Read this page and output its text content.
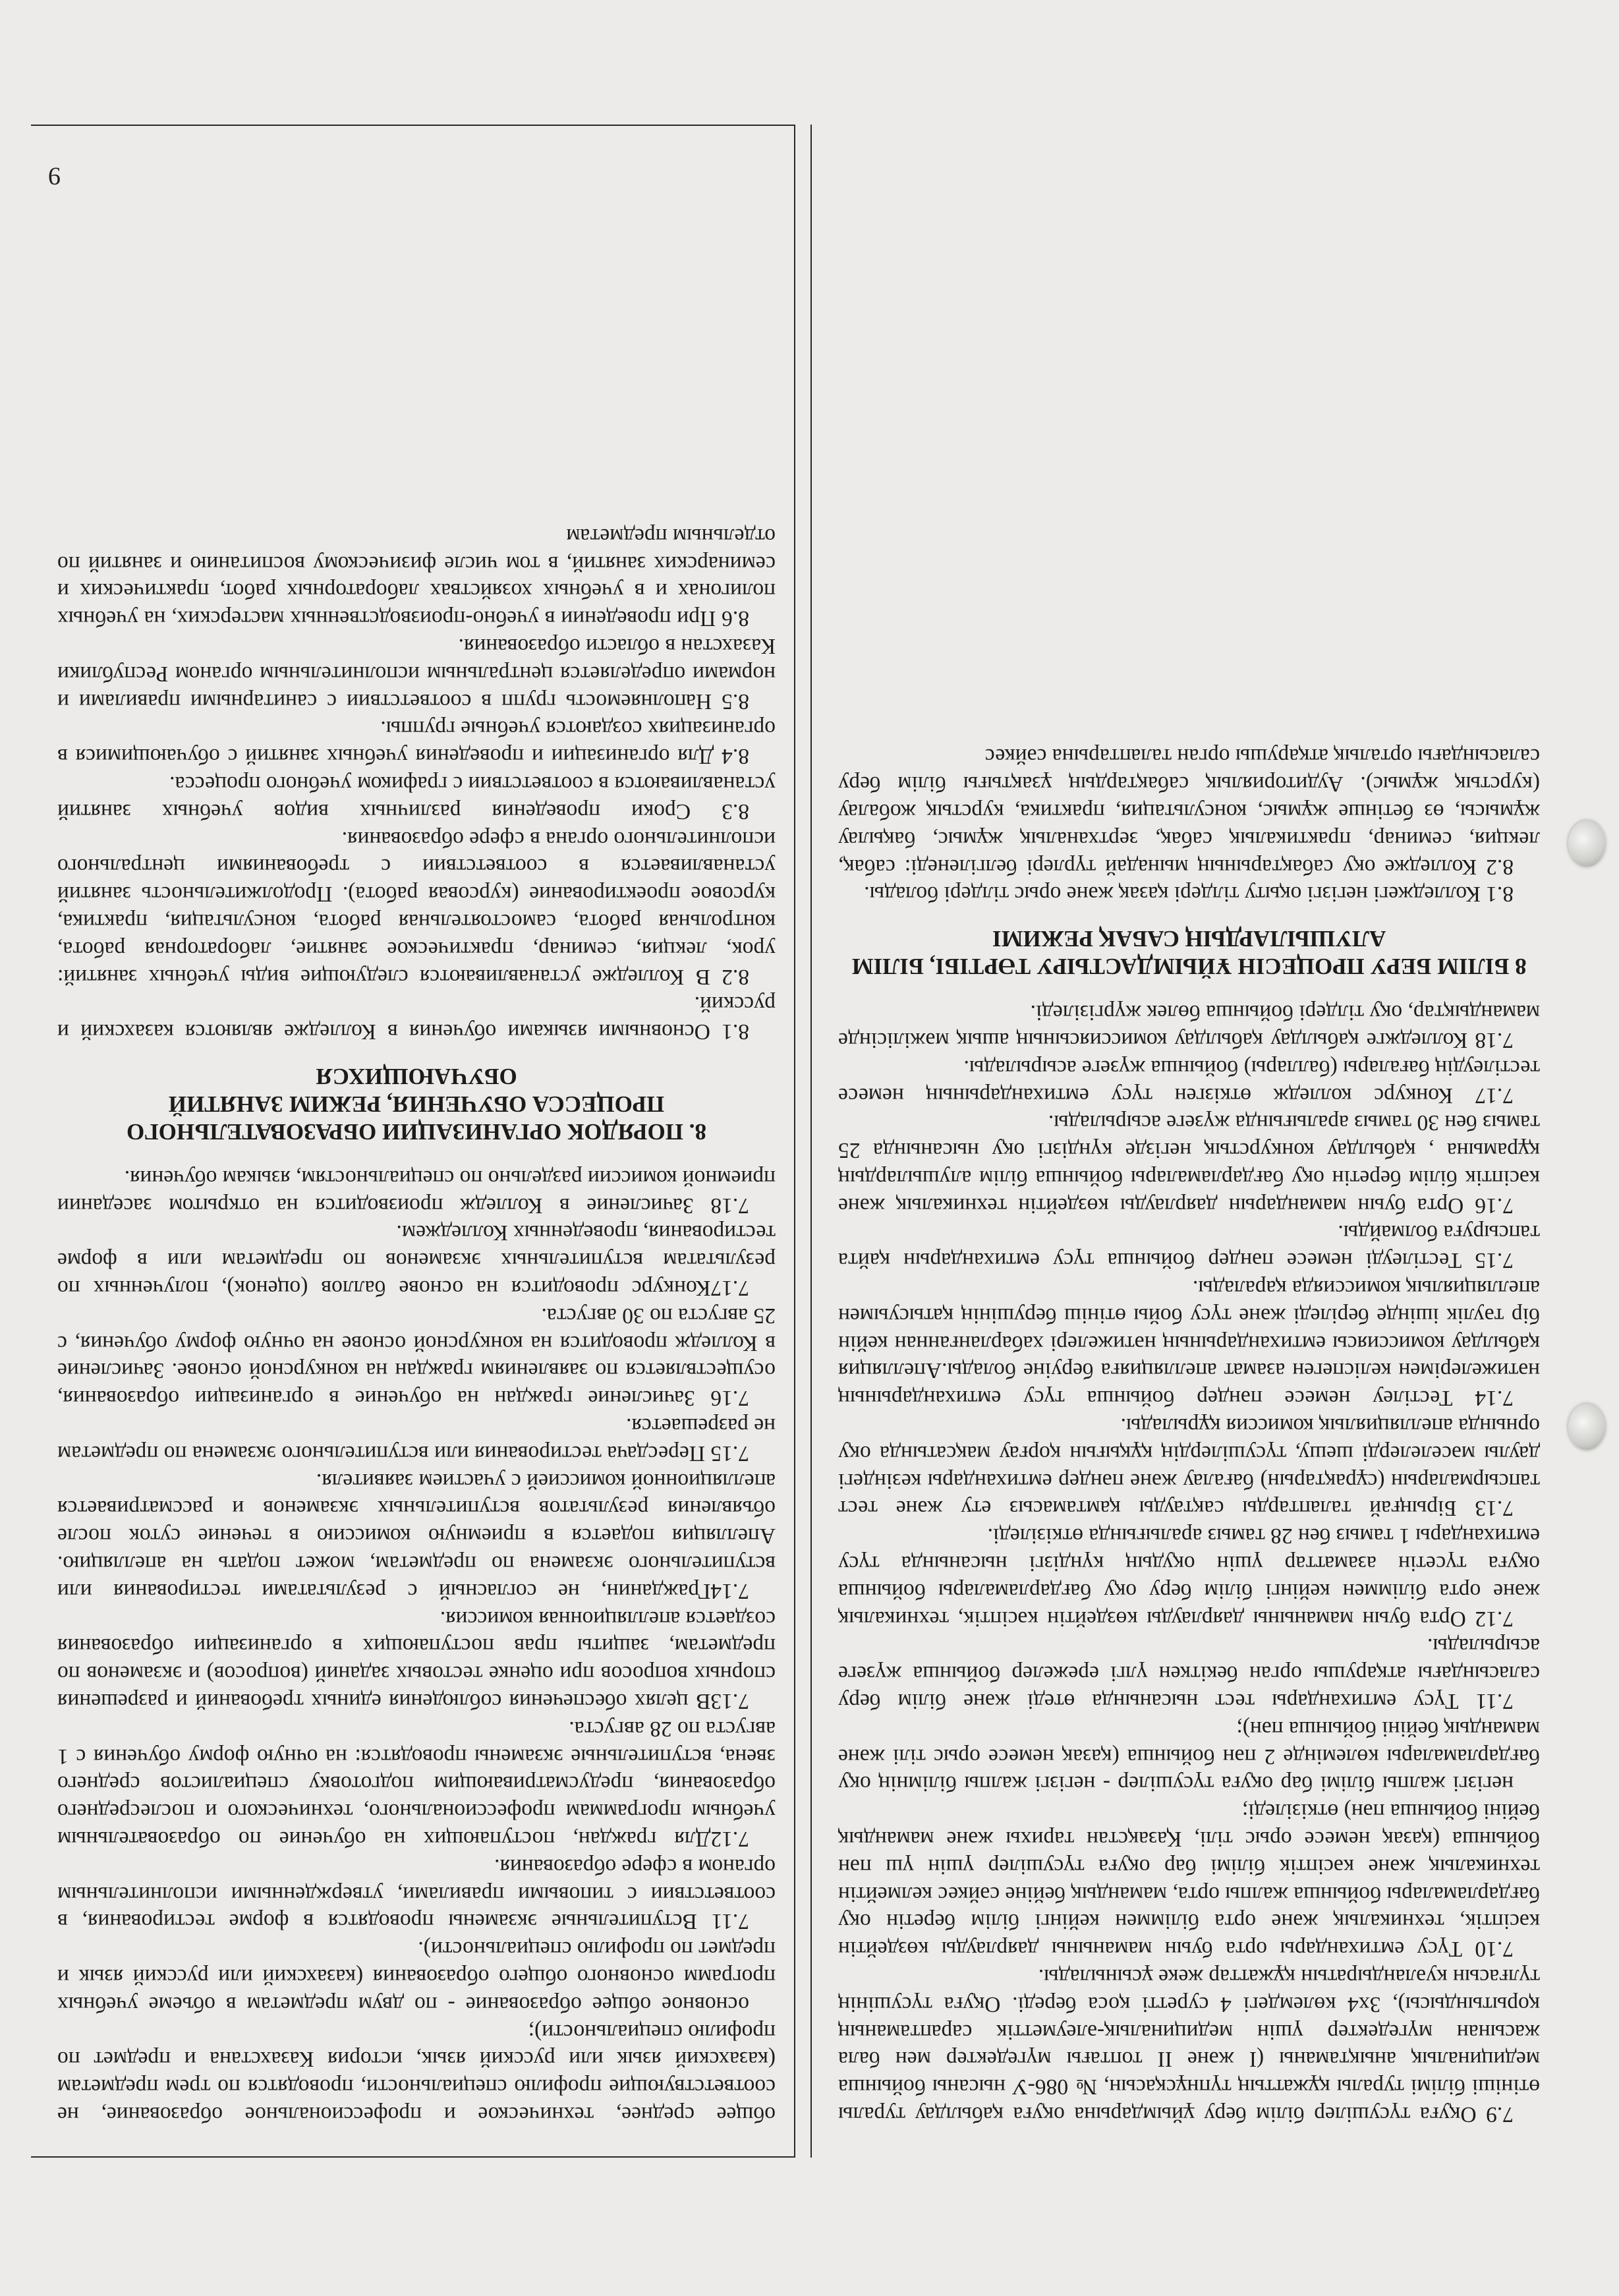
7.9 Оқуға түсушілер білім беру ұйымдарына оқуға қабылдау туралы өтініші білімі туралы құжаттың түпнұсқасын, № 086-У нысаны бойынша медициналық анықтаманы (I және II топтағы мүгедектер мен бала жасынан мүгедектер үшін медициналық-әлеуметтік сараптаманың қорытындысы), 3х4 көлемдегі 4 суретті қоса береді. Оқуға түсушінің түлғасын куәландыратын құжаттар жеке ұсынылады.

7.10 Түсу емтихандары орта буын маманыны даярлауды көздейтін кәсіптік, техникалық және орта біліммен кейінгі білім беретін оқу бағдарламалары бойынша жалпы орта, мамандық бейіне сәйкес келмейтін техникалық және кәсіптік білімі бар оқуға түсушілер үшін үш пән бойынша (қазақ немесе орыс тілі, Қазақстан тарихы және мамандық бейіні бойынша пән) өткізіледі;

негізгі жалпы білімі бар оқуға түсушілер - негізгі жалпы білімнің оқу бағдарламалары көлемінде 2 пән бойынша (қазақ немесе орыс тілі және мамандық бейіні бойынша пән);

7.11 Түсу емтихандары тест нысанында өтеді және білім беру саласындағы атқарушы орган бекіткен үлгі ережелер бойынша жүзеге асырылады.

7.12 Орта буын маманыны даярлауды көздейтін кәсіптік, техникалық және орта біліммен кейінгі білім беру оқу бағдарламалары бойынша оқуға түсетін азаматтар үшін оқудың күндізгі нысанында түсу емтихандары 1 тамыз бен 28 тамыз аралығында өткізіледі.

7.13 Бірыңғай талаптарды сақтауды қамтамасыз ету және тест тапсырмаларын (сұрақтарын) бағалау және пәндер емтихандары кезіндегі даулы мәселелерді шешу, түсушілердің құқығын қорғау мақсатында оқу орнында апелляциялық комиссия құрылады.

7.14 Тестілеу немесе пәндер бойынша түсу емтихандарының нәтижелерімен келіспеген азамат апелляцияға беруіне болады.Апелляция қабылдау комиссиясы емтихандарының нәтижелері хабарланғаннан кейін бір тәулік ішінде беріледі және түсу бойы өтініш берушінің қатысуымен апелляциялық комиссияда қаралады.

7.15 Тестілеуді немесе пәндер бойынша түсу емтихандарын қайта тапсыруға болмайды.

7.16 Орта буын мамандарын даярлауды көздейтін техникалық және кәсіптік білім беретін оқу бағдарламалары бойынша білім алушылардың құрамына , қабылдау конкурстық негізде күндізгі оқу нысанында 25 тамыз бен 30 тамыз аралығында жүзеге асырылады.

7.17 Конкурс колледж өткізген түсу емтихандарының немесе тестілеудің бағалары (баллары) бойынша жүзеге асырылады.

7.18 Колледжге қабылдау қабылдау комиссиясының ашық мәжілісінде мамандықтар, оқу тілдері бойынша бөлек жүргізіледі.

8 БІЛІМ БЕРУ ПРОЦЕСІН ҰЙЫМДАСТЫРУ ТӘРТІБІ, БІЛІМ АЛУШЫЛАРДЫҢ САБАҚ РЕЖИМІ

8.1 Колледжегі негізгі оқыту тілдері қазақ және орыс тілдері болады.

8.2 Колледже оқу сабақтарының мынадай түрлері белгіленеді: сабақ, лекция, семинар, практикалық сабақ, зертханалық жұмыс, бақылау жұмысы, өз бетінше жұмыс, консультация, практика, курстық жобалау (курстық жұмыс). Аудиториялық сабақтардың ұзақтығы білім беру саласындағы орталық атқарушы орган талаптарына сәйкес

общее среднее, техническое и профессиональное образование, не соответствующие профилю специальности, проводятся по трем предметам (казахский язык или русский язык, история Казахстана и предмет по профилю специальности);

основное общее образование - по двум предметам в объеме учебных программ основного общего образования (казахский или русский язык и предмет по профилю специальности).

7.11 Вступительные экзамены проводятся в форме тестирования, в соответствии с типовыми правилами, утвержденными исполнительным органом в сфере образования.

7.12Для граждан, поступающих на обучение по образовательным учебным программам профессионального, технического и послесреднего образования, предусматривающим подготовку специалистов среднего звена, вступительные экзамены проводятся: на очную форму обучения с 1 августа по 28 августа.

7.13В целях обеспечения соблюдения единых требований и разрешения спорных вопросов при оценке тестовых заданий (вопросов) и экзаменов по предметам, защиты прав поступающих в организации образования создается апелляционная комиссия.

7.14Гражданин, не согласный с результатами тестирования или вступительного экзамена по предметам, может подать на апелляцию. Апелляция подается в приемную комиссию в течение суток после объявления результатов вступительных экзаменов и рассматривается апелляционной комиссией с участием заявителя.

7.15 Пересдача тестирования или вступительного экзамена по предметам не разрешается.

7.16 Зачисление граждан на обучение в организации образования, осуществляется по заявлениям граждан на конкурсной основе. Зачисление в Колледж проводится на конкурсной основе на очную форму обучения, с 25 августа по 30 августа.

7.17Конкурс проводится на основе баллов (оценок), полученных по результатам вступительных экзаменов по предметам или в форме тестирования, проведенных Колледжем.

7.18 Зачисление в Колледж производится на открытом заседании приемной комиссии раздельно по специальностям, языкам обучения.

8. ПОРЯДОК ОРГАНИЗАЦИИ ОБРАЗОВАТЕЛЬНОГО ПРОЦЕССА ОБУЧЕНИЯ, РЕЖИМ ЗАНЯТИЙ ОБУЧАЮЩИХСЯ

8.1 Основными языками обучения в Колледже являются казахский и русский.

8.2 В Колледже устанавливаются следующие виды учебных занятий: урок, лекция, семинар, практическое занятие, лабораторная работа, контрольная работа, самостоятельная работа, консультация, практика, курсовое проектирование (курсовая работа). Продолжительность занятий устанавливается в соответствии с требованиями центрального исполнительного органа в сфере образования.

8.3 Сроки проведения различных видов учебных занятий устанавливаются в соответствии с графиком учебного процесса.

8.4 Для организации и проведения учебных занятий с обучающимися в организациях создаются учебные группы.

8.5 Наполняемость групп в соответствии с санитарными правилами и нормами определяется центральным исполнительным органом Республики Казахстан в области образования.

8.6 При проведении в учебно-производственных мастерских, на учебных полигонах и в учебных хозяйствах лабораторных работ, практических и семинарских занятий, в том числе физическому воспитанию и занятий по отдельным предметам

9
